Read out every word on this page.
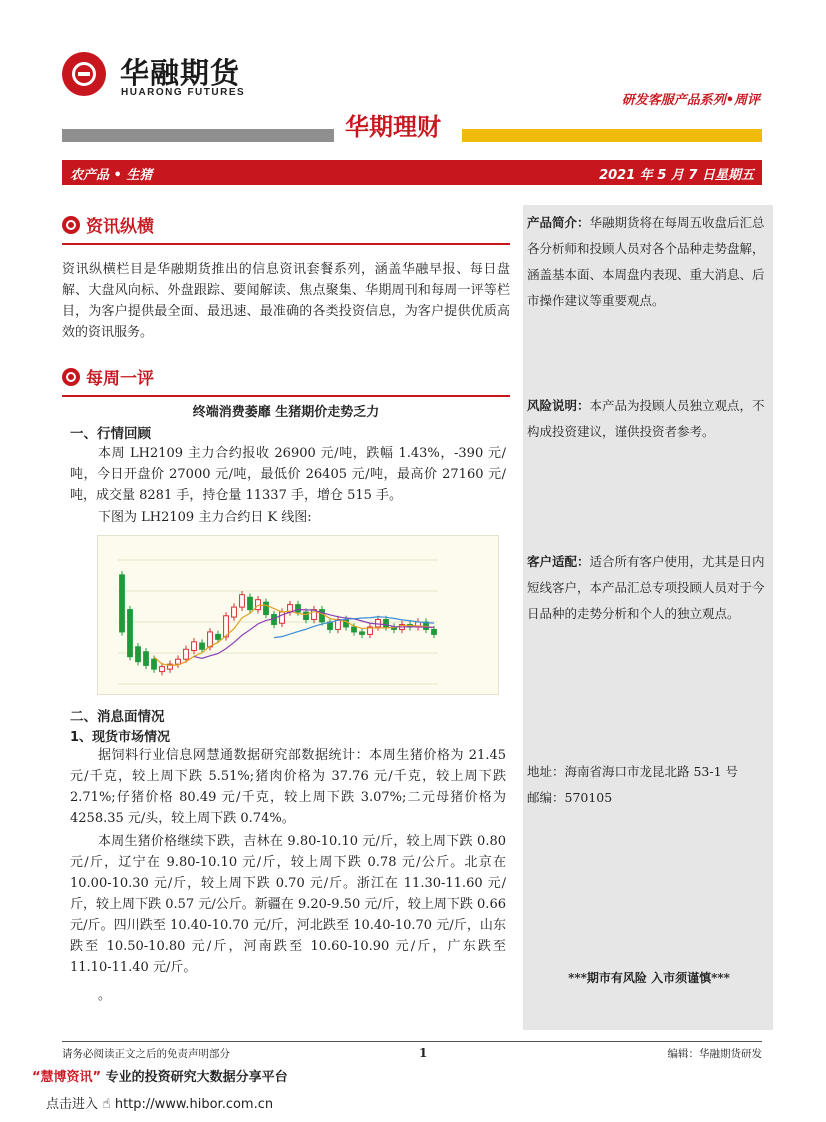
华融期货
HUARONG FUTURES
研发客服产品系列•周评
华期理财
农产品 • 生猪	2021 年 5 月 7 日星期五
资讯纵横
资讯纵横栏目是华融期货推出的信息资讯套餐系列，涵盖华融早报、每日盘解、大盘风向标、外盘跟踪、要闻解读、焦点聚集、华期周刊和每周一评等栏目，为客户提供最全面、最迅速、最准确的各类投资信息，为客户提供优质高效的资讯服务。
每周一评
终端消费萎靡 生猪期价走势乏力
一、行情回顾
本周 LH2109 主力合约报收 26900 元/吨，跌幅 1.43%，-390 元/吨，今日开盘价 27000 元/吨，最低价 26405 元/吨，最高价 27160 元/吨，成交量 8281 手，持仓量 11337 手，增仓 515 手。
下图为 LH2109 主力合约日 K 线图:
二、消息面情况
1、现货市场情况
据饲料行业信息网慧通数据研究部数据统计：本周生猪价格为 21.45 元/千克，较上周下跌 5.51%;猪肉价格为 37.76 元/千克，较上周下跌 2.71%;仔猪价格 80.49 元/千克，较上周下跌 3.07%;二元母猪价格为 4258.35 元/头，较上周下跌 0.74%。
本周生猪价格继续下跌，吉林在 9.80-10.10 元/斤，较上周下跌 0.80 元/斤，辽宁在 9.80-10.10 元/斤，较上周下跌 0.78 元/公斤。北京在 10.00-10.30 元/斤，较上周下跌 0.70 元/斤。浙江在 11.30-11.60 元/斤，较上周下跌 0.57 元/公斤。新疆在 9.20-9.50 元/斤，较上周下跌 0.66 元/斤。四川跌至 10.40-10.70 元/斤，河北跌至 10.40-10.70 元/斤，山东跌至 10.50-10.80 元/斤，河南跌至 10.60-10.90 元/斤，广东跌至 11.10-11.40 元/斤。
。
产品简介：华融期货将在每周五收盘后汇总各分析师和投顾人员对各个品种走势盘解，涵盖基本面、本周盘内表现、重大消息、后市操作建议等重要观点。
风险说明：本产品为投顾人员独立观点，不构成投资建议，谨供投资者参考。
客户适配：适合所有客户使用，尤其是日内短线客户，本产品汇总专项投顾人员对于今日品种的走势分析和个人的独立观点。
地址：海南省海口市龙昆北路 53-1 号
邮编：570105
***期市有风险 入市须谨慎***
请务必阅读正文之后的免责声明部分	1	编辑：华融期货研发
“慧博资讯” 专业的投资研究大数据分享平台
点击进入 ☝ http://www.hibor.com.cn
